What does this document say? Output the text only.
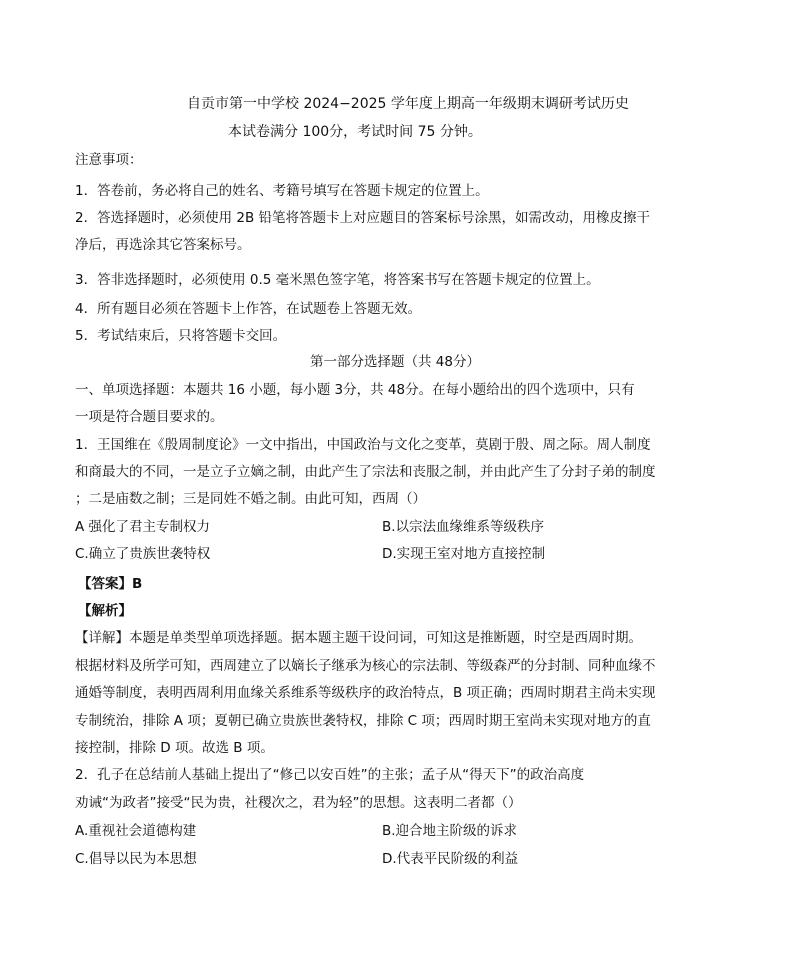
自贡市第一中学校 2024−2025 学年度上期高一年级期末调研考试历史
本试卷满分 100分，考试时间 75 分钟。
注意事项：
1．答卷前，务必将自己的姓名、考籍号填写在答题卡规定的位置上。
2．答选择题时，必须使用 2B 铅笔将答题卡上对应题目的答案标号涂黑，如需改动，用橡皮擦干
净后，再选涂其它答案标号。
3．答非选择题时，必须使用 0.5 毫米黑色签字笔，将答案书写在答题卡规定的位置上。
4．所有题目必须在答题卡上作答，在试题卷上答题无效。
5．考试结束后，只将答题卡交回。
第一部分选择题（共 48分）
一、单项选择题：本题共 16 小题，每小题 3分，共 48分。在每小题给出的四个选项中，只有
一项是符合题目要求的。
1．王国维在《殷周制度论》一文中指出，中国政治与文化之变革，莫剧于殷、周之际。周人制度
和商最大的不同，一是立子立嫡之制，由此产生了宗法和丧服之制，并由此产生了分封子弟的制度
；二是庙数之制；三是同姓不婚之制。由此可知，西周（）
A 强化了君主专制权力	B.以宗法血缘维系等级秩序
C.确立了贵族世袭特权	D.实现王室对地方直接控制
【答案】B
【解析】
【详解】本题是单类型单项选择题。据本题主题干设问词，可知这是推断题，时空是西周时期。
根据材料及所学可知，西周建立了以嫡长子继承为核心的宗法制、等级森严的分封制、同种血缘不
通婚等制度，表明西周利用血缘关系维系等级秩序的政治特点，B 项正确；西周时期君主尚未实现
专制统治，排除 A 项；夏朝已确立贵族世袭特权，排除 C 项；西周时期王室尚未实现对地方的直
接控制，排除 D 项。故选 B 项。
2．孔子在总结前人基础上提出了“修己以安百姓”的主张；孟子从“得天下”的政治高度
劝诫“为政者”接受“民为贵，社稷次之，君为轻”的思想。这表明二者都（）
A.重视社会道德构建	B.迎合地主阶级的诉求
C.倡导以民为本思想	D.代表平民阶级的利益
